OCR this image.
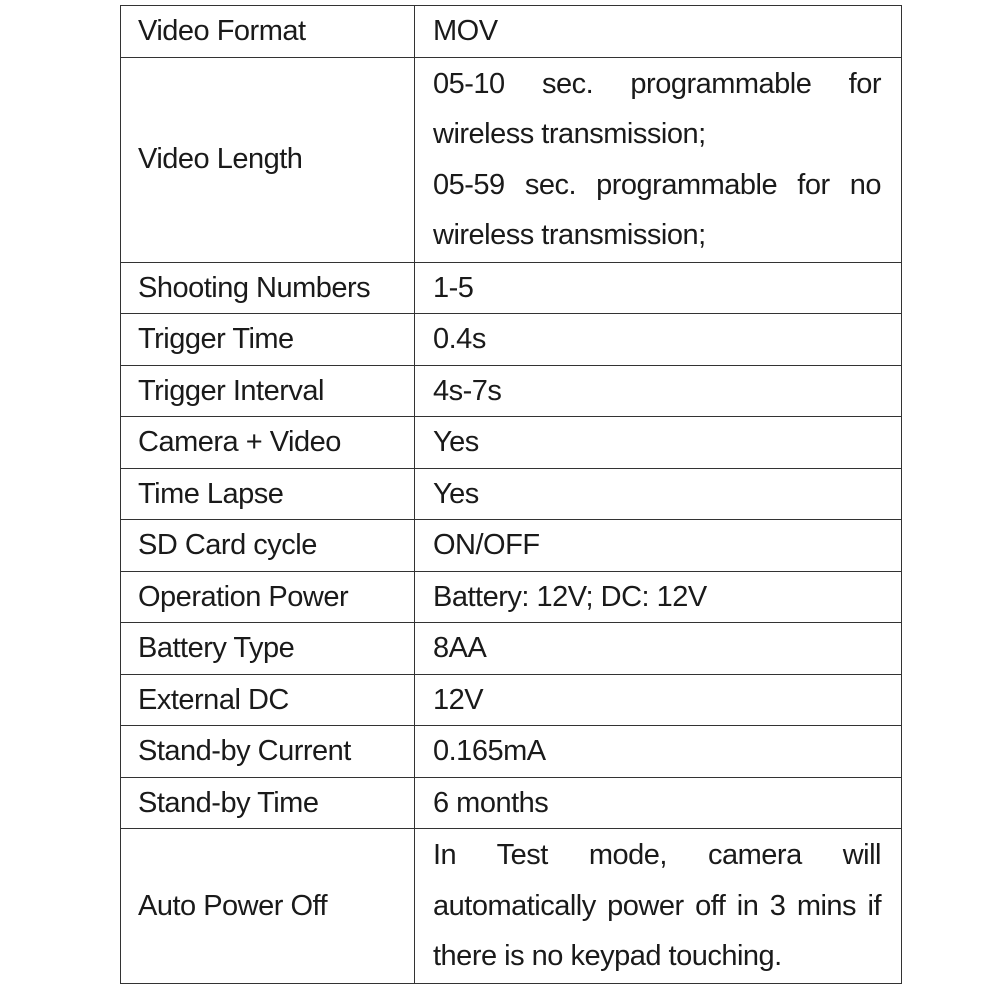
Video Format	MOV
Video Length	05-10 sec. programmable for wireless transmission;
05-59 sec. programmable for no wireless transmission;

Shooting Numbers	1-5
Trigger Time	0.4s
Trigger Interval	4s-7s
Camera + Video	Yes
Time Lapse	Yes
SD Card cycle	ON/OFF
Operation Power	Battery: 12V; DC: 12V
Battery Type	8AA
External DC	12V
Stand-by Current	0.165mA
Stand-by Time	6 months
Auto Power Off	In Test mode, camera will automatically power off in 3 mins if there is no keypad touching.
